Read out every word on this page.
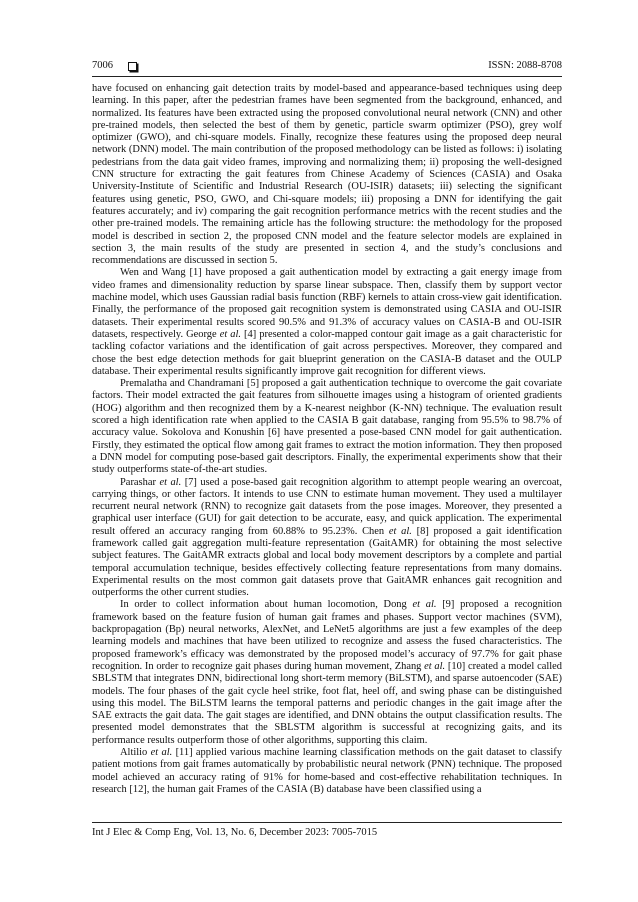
7006	ISSN: 2088-8708

have focused on enhancing gait detection traits by model-based and appearance-based techniques using deep learning. In this paper, after the pedestrian frames have been segmented from the background, enhanced, and normalized. Its features have been extracted using the proposed convolutional neural network (CNN) and other pre-trained models, then selected the best of them by genetic, particle swarm optimizer (PSO), grey wolf optimizer (GWO), and chi-square models. Finally, recognize these features using the proposed deep neural network (DNN) model. The main contribution of the proposed methodology can be listed as follows: i) isolating pedestrians from the data gait video frames, improving and normalizing them; ii) proposing the well-designed CNN structure for extracting the gait features from Chinese Academy of Sciences (CASIA) and Osaka University-Institute of Scientific and Industrial Research (OU-ISIR) datasets; iii) selecting the significant features using genetic, PSO, GWO, and Chi-square models; iii) proposing a DNN for identifying the gait features accurately; and iv) comparing the gait recognition performance metrics with the recent studies and the other pre-trained models. The remaining article has the following structure: the methodology for the proposed model is described in section 2, the proposed CNN model and the feature selector models are explained in section 3, the main results of the study are presented in section 4, and the study’s conclusions and recommendations are discussed in section 5.

Wen and Wang [1] have proposed a gait authentication model by extracting a gait energy image from video frames and dimensionality reduction by sparse linear subspace. Then, classify them by support vector machine model, which uses Gaussian radial basis function (RBF) kernels to attain cross-view gait identification. Finally, the performance of the proposed gait recognition system is demonstrated using CASIA and OU-ISIR datasets. Their experimental results scored 90.5% and 91.3% of accuracy values on CASIA-B and OU-ISIR datasets, respectively. George et al. [4] presented a color-mapped contour gait image as a gait characteristic for tackling cofactor variations and the identification of gait across perspectives. Moreover, they compared and chose the best edge detection methods for gait blueprint generation on the CASIA-B dataset and the OULP database. Their experimental results significantly improve gait recognition for different views.

Premalatha and Chandramani [5] proposed a gait authentication technique to overcome the gait covariate factors. Their model extracted the gait features from silhouette images using a histogram of oriented gradients (HOG) algorithm and then recognized them by a K-nearest neighbor (K-NN) technique. The evaluation result scored a high identification rate when applied to the CASIA B gait database, ranging from 95.5% to 98.7% of accuracy value. Sokolova and Konushin [6] have presented a pose-based CNN model for gait authentication. Firstly, they estimated the optical flow among gait frames to extract the motion information. They then proposed a DNN model for computing pose-based gait descriptors. Finally, the experimental experiments show that their study outperforms state-of-the-art studies.

Parashar et al. [7] used a pose-based gait recognition algorithm to attempt people wearing an overcoat, carrying things, or other factors. It intends to use CNN to estimate human movement. They used a multilayer recurrent neural network (RNN) to recognize gait datasets from the pose images. Moreover, they presented a graphical user interface (GUI) for gait detection to be accurate, easy, and quick application. The experimental result offered an accuracy ranging from 60.88% to 95.23%. Chen et al. [8] proposed a gait identification framework called gait aggregation multi-feature representation (GaitAMR) for obtaining the most selective subject features. The GaitAMR extracts global and local body movement descriptors by a complete and partial temporal accumulation technique, besides effectively collecting feature representations from many domains. Experimental results on the most common gait datasets prove that GaitAMR enhances gait recognition and outperforms the other current studies.

In order to collect information about human locomotion, Dong et al. [9] proposed a recognition framework based on the feature fusion of human gait frames and phases. Support vector machines (SVM), backpropagation (Bp) neural networks, AlexNet, and LeNet5 algorithms are just a few examples of the deep learning models and machines that have been utilized to recognize and assess the fused characteristics. The proposed framework’s efficacy was demonstrated by the proposed model’s accuracy of 97.7% for gait phase recognition. In order to recognize gait phases during human movement, Zhang et al. [10] created a model called SBLSTM that integrates DNN, bidirectional long short-term memory (BiLSTM), and sparse autoencoder (SAE) models. The four phases of the gait cycle heel strike, foot flat, heel off, and swing phase can be distinguished using this model. The BiLSTM learns the temporal patterns and periodic changes in the gait image after the SAE extracts the gait data. The gait stages are identified, and DNN obtains the output classification results. The presented model demonstrates that the SBLSTM algorithm is successful at recognizing gaits, and its performance results outperform those of other algorithms, supporting this claim.

Altilio et al. [11] applied various machine learning classification methods on the gait dataset to classify patient motions from gait frames automatically by probabilistic neural network (PNN) technique. The proposed model achieved an accuracy rating of 91% for home-based and cost-effective rehabilitation techniques. In research [12], the human gait Frames of the CASIA (B) database have been classified using a

Int J Elec & Comp Eng, Vol. 13, No. 6, December 2023: 7005-7015
